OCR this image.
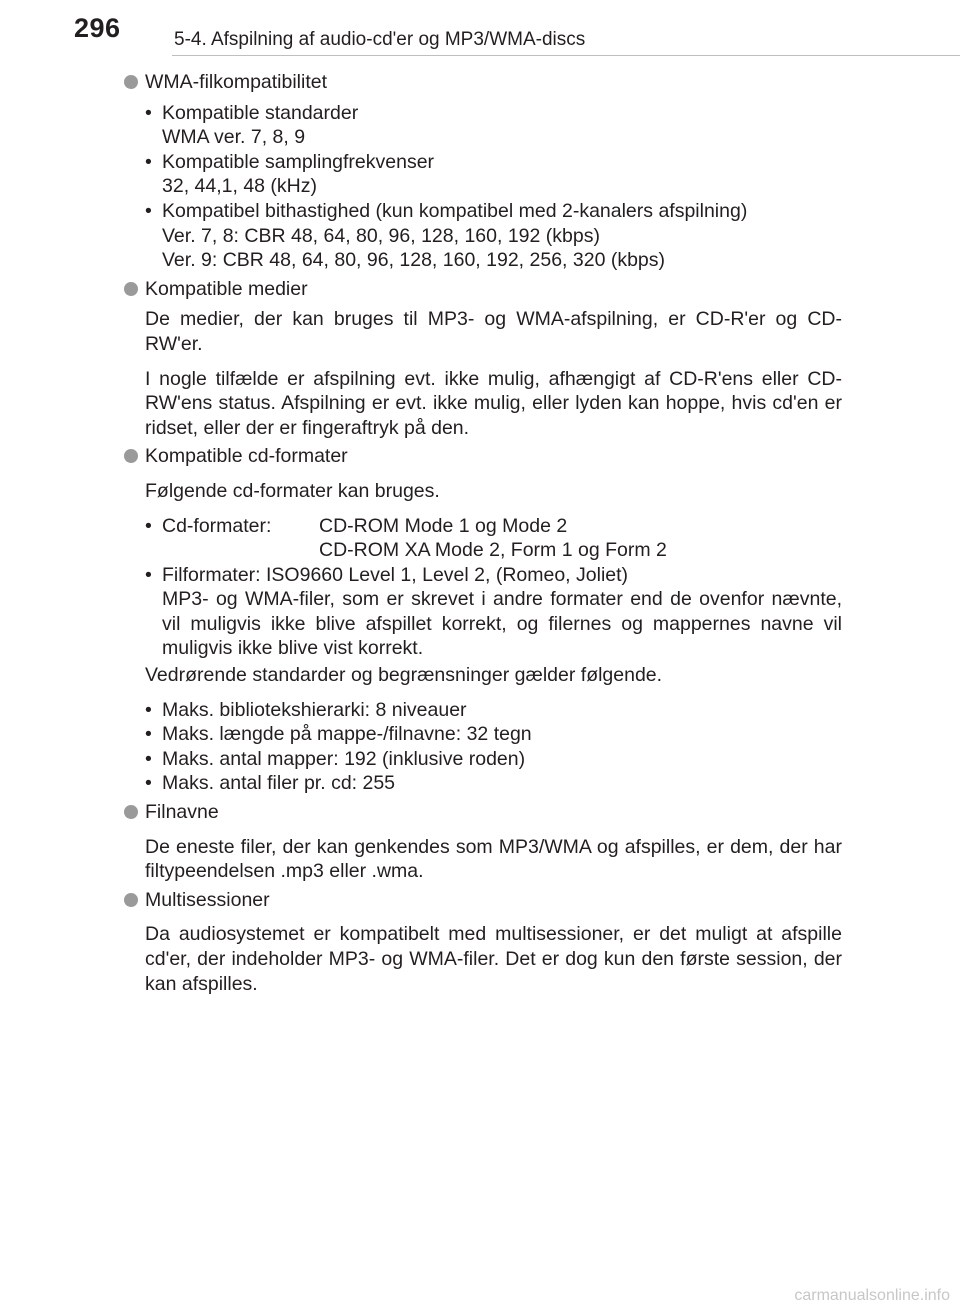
296	5-4. Afspilning af audio-cd'er og MP3/WMA-discs

WMA-filkompatibilitet

• Kompatible standarder
WMA ver. 7, 8, 9
• Kompatible samplingfrekvenser
32, 44,1, 48 (kHz)
• Kompatibel bithastighed (kun kompatibel med 2-kanalers afspilning)
Ver. 7, 8: CBR 48, 64, 80, 96, 128, 160, 192 (kbps)
Ver. 9: CBR 48, 64, 80, 96, 128, 160, 192, 256, 320 (kbps)

Kompatible medier

De medier, der kan bruges til MP3- og WMA-afspilning, er CD-R'er og CD-RW'er.

I nogle tilfælde er afspilning evt. ikke mulig, afhængigt af CD-R'ens eller CD-RW'ens status. Afspilning er evt. ikke mulig, eller lyden kan hoppe, hvis cd'en er ridset, eller der er fingeraftryk på den.

Kompatible cd-formater

Følgende cd-formater kan bruges.

• Cd-formater:	CD-ROM Mode 1 og Mode 2
CD-ROM XA Mode 2, Form 1 og Form 2
• Filformater: ISO9660 Level 1, Level 2, (Romeo, Joliet)
MP3- og WMA-filer, som er skrevet i andre formater end de ovenfor nævnte, vil muligvis ikke blive afspillet korrekt, og filernes og mappernes navne vil muligvis ikke blive vist korrekt.

Vedrørende standarder og begrænsninger gælder følgende.

• Maks. bibliotekshierarki: 8 niveauer
• Maks. længde på mappe-/filnavne: 32 tegn
• Maks. antal mapper: 192 (inklusive roden)
• Maks. antal filer pr. cd: 255

Filnavne

De eneste filer, der kan genkendes som MP3/WMA og afspilles, er dem, der har filtypeendelsen .mp3 eller .wma.

Multisessioner

Da audiosystemet er kompatibelt med multisessioner, er det muligt at afspille cd'er, der indeholder MP3- og WMA-filer. Det er dog kun den første session, der kan afspilles.

carmanualsonline.info
